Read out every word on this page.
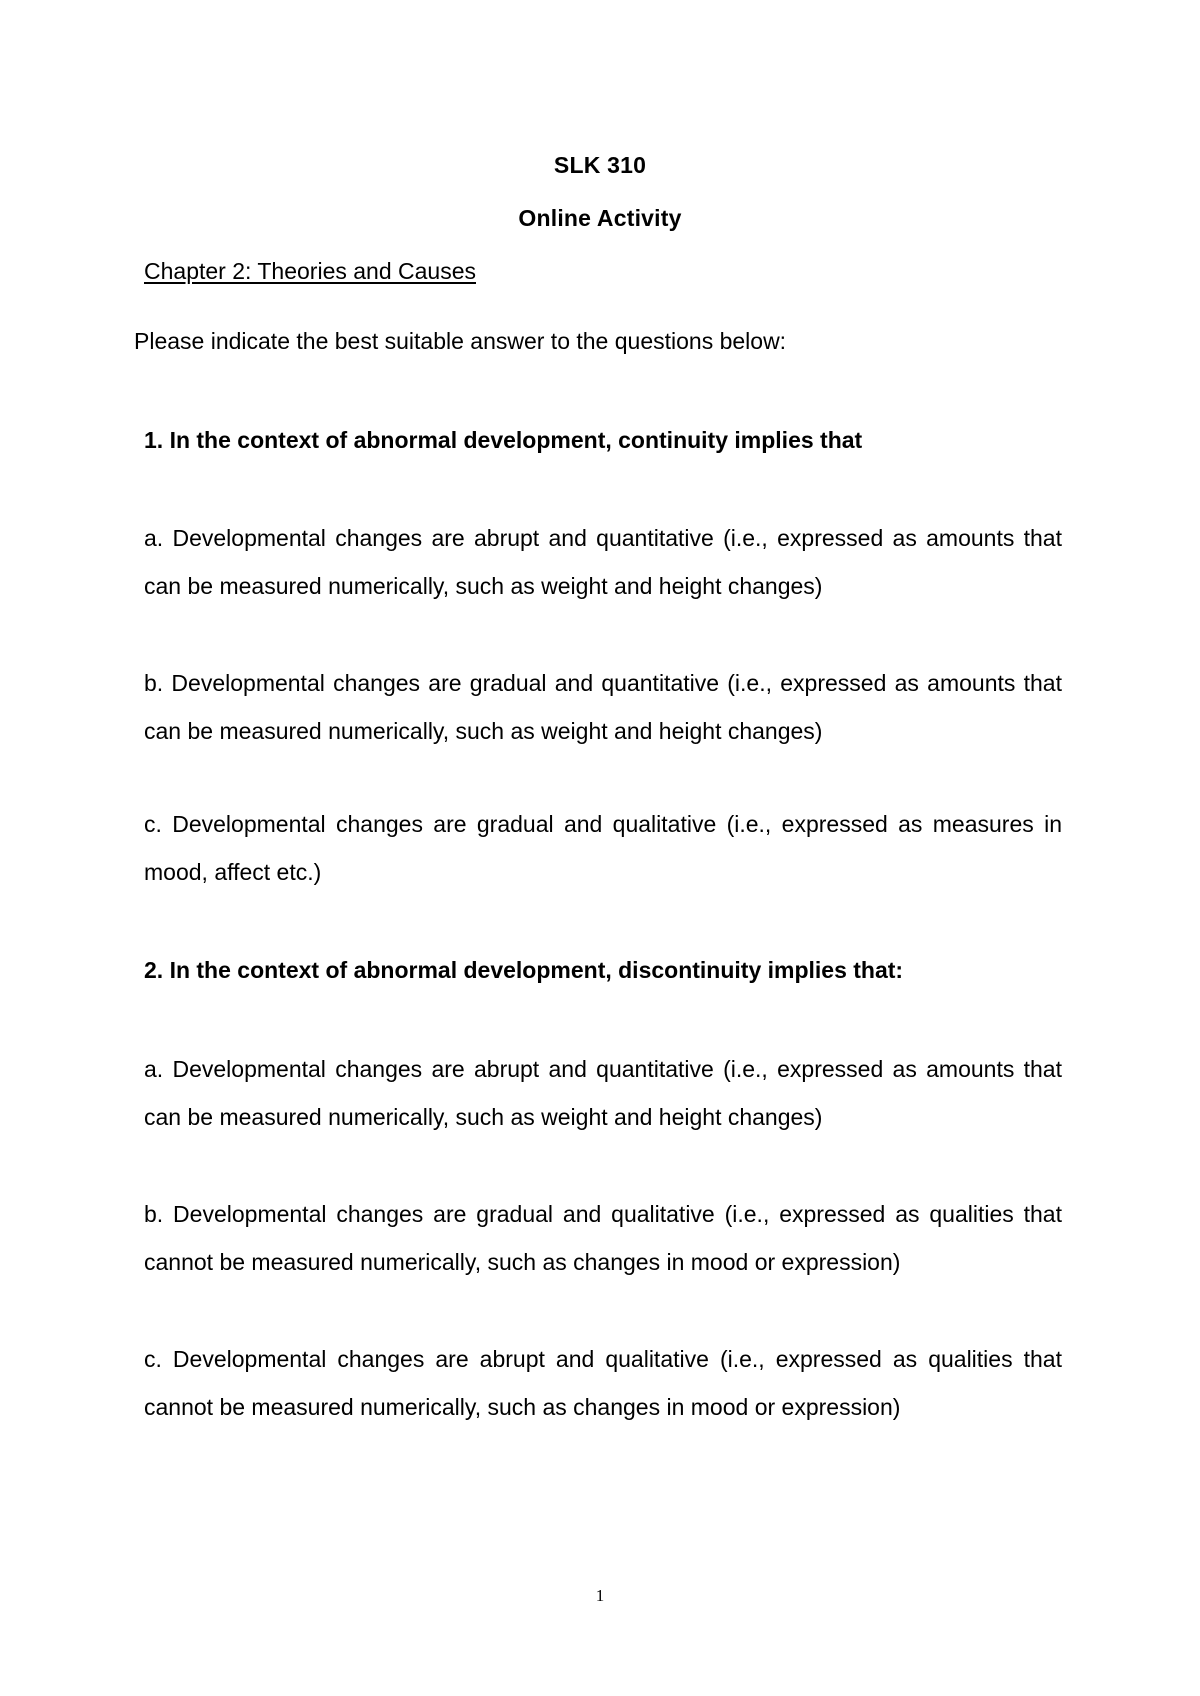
SLK 310
Online Activity
Chapter 2: Theories and Causes
Please indicate the best suitable answer to the questions below:
1. In the context of abnormal development, continuity implies that
a. Developmental changes are abrupt and quantitative (i.e., expressed as amounts that can be measured numerically, such as weight and height changes)
b. Developmental changes are gradual and quantitative (i.e., expressed as amounts that can be measured numerically, such as weight and height changes)
c. Developmental changes are gradual and qualitative (i.e., expressed as measures in mood, affect etc.)
2. In the context of abnormal development, discontinuity implies that:
a. Developmental changes are abrupt and quantitative (i.e., expressed as amounts that can be measured numerically, such as weight and height changes)
b. Developmental changes are gradual and qualitative (i.e., expressed as qualities that cannot be measured numerically, such as changes in mood or expression)
c. Developmental changes are abrupt and qualitative (i.e., expressed as qualities that cannot be measured numerically, such as changes in mood or expression)
1
